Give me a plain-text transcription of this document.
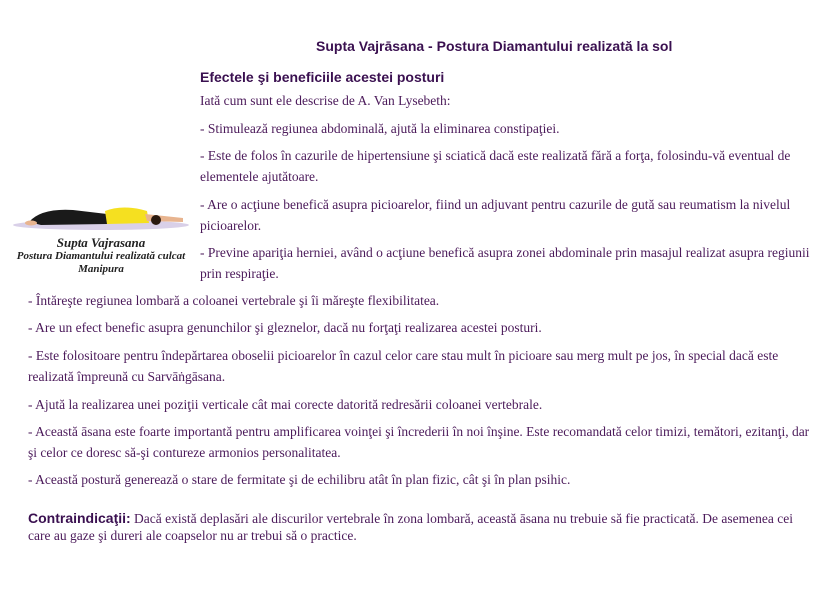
Supta Vajrāsana - Postura Diamantului realizată la sol
Efectele şi beneficiile acestei posturi
Supta Vajrasana
Postura Diamantului realizată culcat
Manipura

Iată cum sunt ele descrise de A. Van Lysebeth:

- Stimulează regiunea abdominală, ajută la eliminarea constipaţiei.

- Este de folos în cazurile de hipertensiune şi sciatică dacă este realizată fără a forţa, folosindu-vă eventual de elementele ajutătoare.

- Are o acţiune benefică asupra picioarelor, fiind un adjuvant pentru cazurile de gută sau reumatism la nivelul picioarelor.

- Previne apariţia herniei, având o acţiune benefică asupra zonei abdominale prin masajul realizat asupra regiunii prin respiraţie.

- Întăreşte regiunea lombară a coloanei vertebrale şi îi măreşte flexibilitatea.

- Are un efect benefic asupra genunchilor şi gleznelor, dacă nu forţaţi realizarea acestei posturi.

- Este folositoare pentru îndepărtarea oboselii picioarelor în cazul celor care stau mult în picioare sau merg mult pe jos, în special dacă este realizată împreună cu Sarvāṅgāsana.

- Ajută la realizarea unei poziţii verticale cât mai corecte datorită redresării coloanei vertebrale.

- Această āsana este foarte importantă pentru amplificarea voinţei şi încrederii în noi înşine. Este recomandată celor timizi, temători, ezitanţi, dar şi celor ce doresc să-şi contureze armonios personalitatea.

- Această postură generează o stare de fermitate şi de echilibru atât în plan fizic, cât şi în plan psihic.

Contraindicaţii: Dacă există deplasări ale discurilor vertebrale în zona lombară, această āsana nu trebuie să fie practicată. De asemenea cei care au gaze şi dureri ale coapselor nu ar trebui să o practice.
